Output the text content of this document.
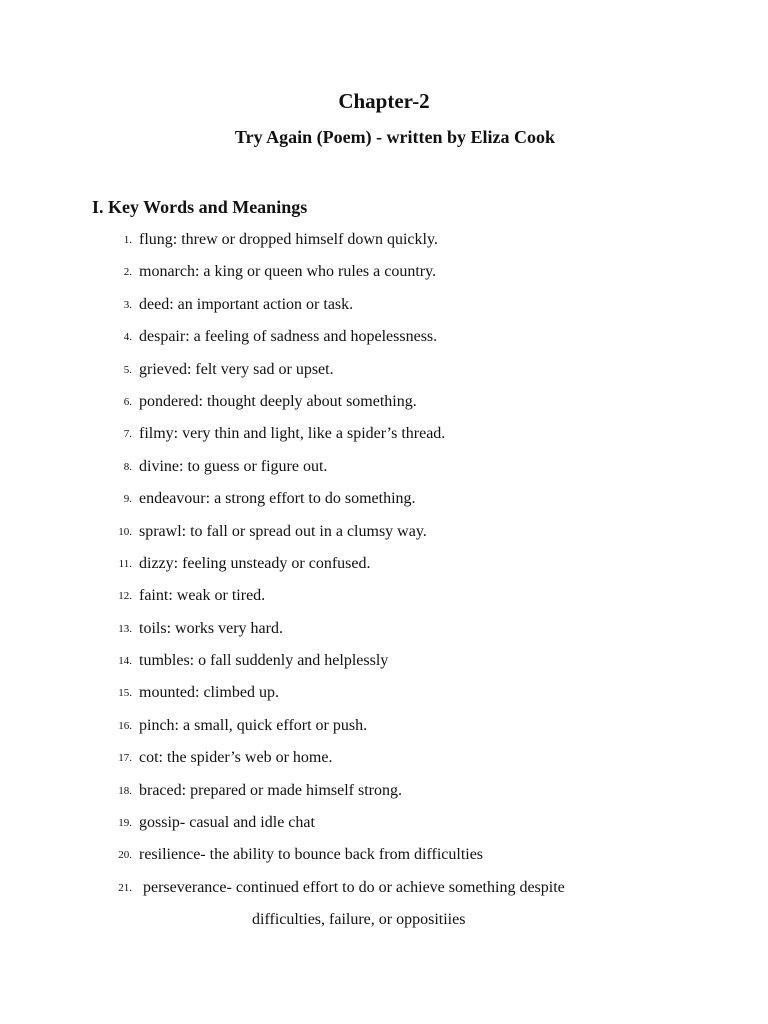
Chapter-2
Try Again (Poem) - written by Eliza Cook
I. Key Words and Meanings
1. flung: threw or dropped himself down quickly.
2. monarch: a king or queen who rules a country.
3. deed: an important action or task.
4. despair: a feeling of sadness and hopelessness.
5. grieved: felt very sad or upset.
6. pondered: thought deeply about something.
7. filmy: very thin and light, like a spider’s thread.
8. divine: to guess or figure out.
9. endeavour: a strong effort to do something.
10. sprawl: to fall or spread out in a clumsy way.
11. dizzy: feeling unsteady or confused.
12. faint: weak or tired.
13. toils: works very hard.
14. tumbles: o fall suddenly and helplessly
15. mounted: climbed up.
16. pinch: a small, quick effort or push.
17. cot: the spider’s web or home.
18. braced: prepared or made himself strong.
19. gossip- casual and idle chat
20. resilience- the ability to bounce back from difficulties
21. perseverance- continued effort to do or achieve something despite
difficulties, failure, or oppositiies
